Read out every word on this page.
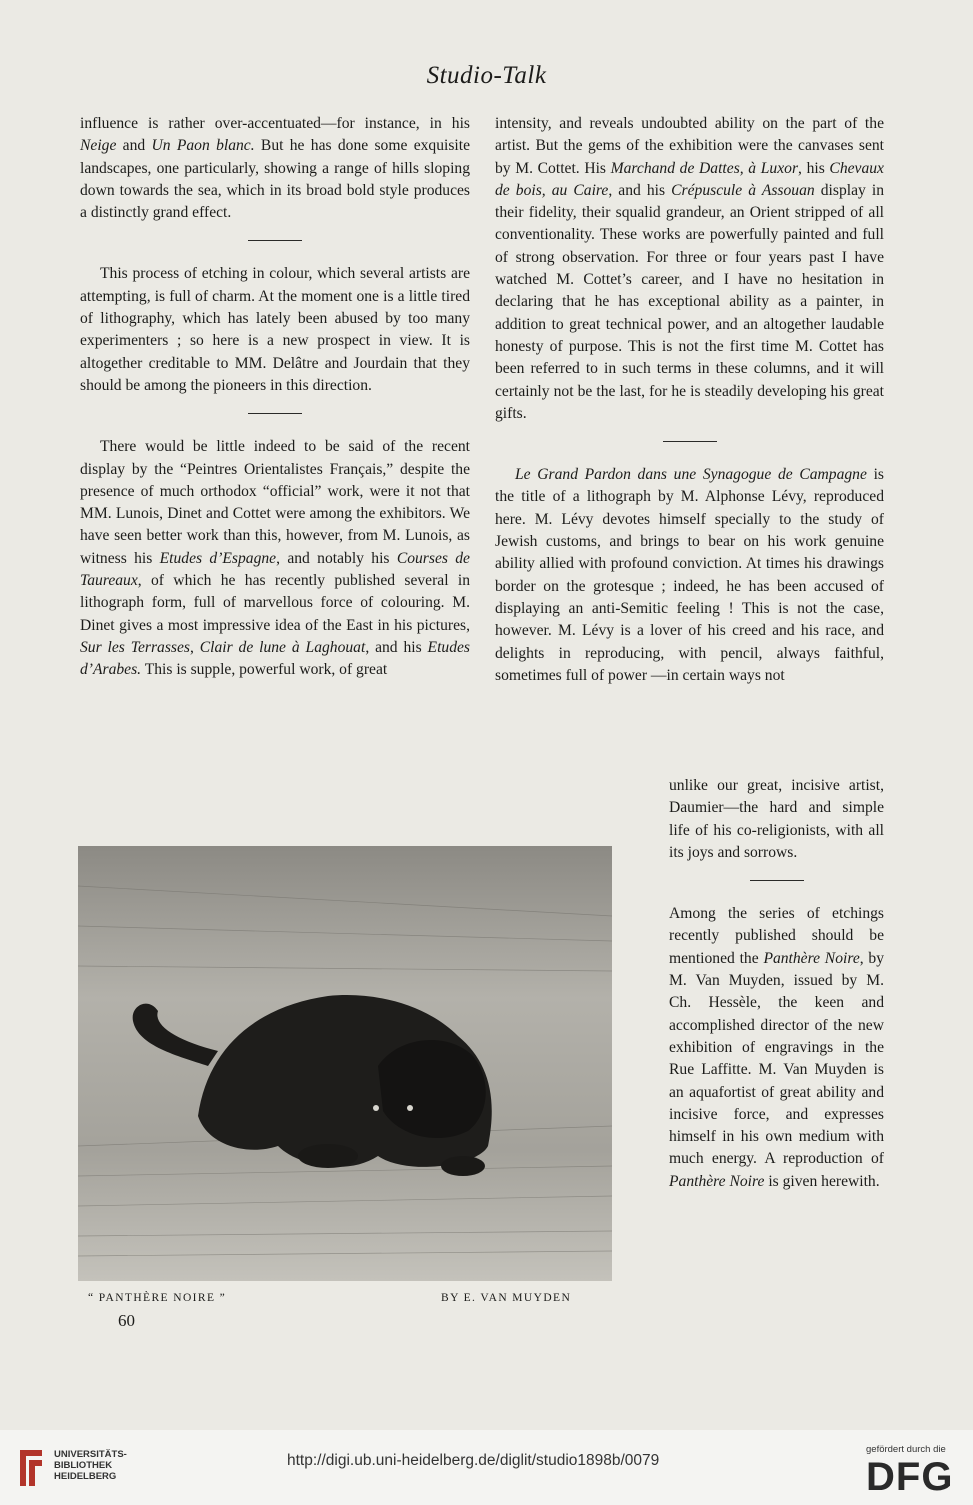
Studio-Talk

influence is rather over-accentuated—for instance, in his Neige and Un Paon blanc. But he has done some exquisite landscapes, one particularly, showing a range of hills sloping down towards the sea, which in its broad bold style produces a distinctly grand effect.

This process of etching in colour, which several artists are attempting, is full of charm. At the moment one is a little tired of lithography, which has lately been abused by too many experimenters ; so here is a new prospect in view. It is altogether creditable to MM. Delâtre and Jourdain that they should be among the pioneers in this direction.

There would be little indeed to be said of the recent display by the “Peintres Orientalistes Français,” despite the presence of much orthodox “official” work, were it not that MM. Lunois, Dinet and Cottet were among the exhibitors. We have seen better work than this, however, from M. Lunois, as witness his Etudes d’Espagne, and notably his Courses de Taureaux, of which he has recently published several in lithograph form, full of marvellous force of colouring. M. Dinet gives a most impressive idea of the East in his pictures, Sur les Terrasses, Clair de lune à Laghouat, and his Etudes d’Arabes. This is supple, powerful work, of great

intensity, and reveals undoubted ability on the part of the artist. But the gems of the exhibition were the canvases sent by M. Cottet. His Marchand de Dattes, à Luxor, his Chevaux de bois, au Caire, and his Crépuscule à Assouan display in their fidelity, their squalid grandeur, an Orient stripped of all conventionality. These works are powerfully painted and full of strong observation. For three or four years past I have watched M. Cottet’s career, and I have no hesitation in declaring that he has exceptional ability as a painter, in addition to great technical power, and an altogether laudable honesty of purpose. This is not the first time M. Cottet has been referred to in such terms in these columns, and it will certainly not be the last, for he is steadily developing his great gifts.

Le Grand Pardon dans une Synagogue de Campagne is the title of a lithograph by M. Alphonse Lévy, reproduced here. M. Lévy devotes himself specially to the study of Jewish customs, and brings to bear on his work genuine ability allied with profound conviction. At times his drawings border on the grotesque ; indeed, he has been accused of displaying an anti-Semitic feeling ! This is not the case, however. M. Lévy is a lover of his creed and his race, and delights in reproducing, with pencil, always faithful, sometimes full of power —in certain ways not

unlike our great, incisive artist, Daumier—the hard and simple life of his co-religionists, with all its joys and sorrows.

Among the series of etchings recently published should be mentioned the Panthère Noire, by M. Van Muyden, issued by M. Ch. Hessèle, the keen and accomplished director of the new exhibition of engravings in the Rue Laffitte. M. Van Muyden is an aquafortist of great ability and incisive force, and expresses himself in his own medium with much energy. A reproduction of Panthère Noire is given herewith.

“ PANTHÈRE NOIRE ”	BY E. VAN MUYDEN
60
UNIVERSITÄTS-
BIBLIOTHEK
HEIDELBERG
http://digi.ub.uni-heidelberg.de/diglit/studio1898b/0079
gefördert durch die
DFG
